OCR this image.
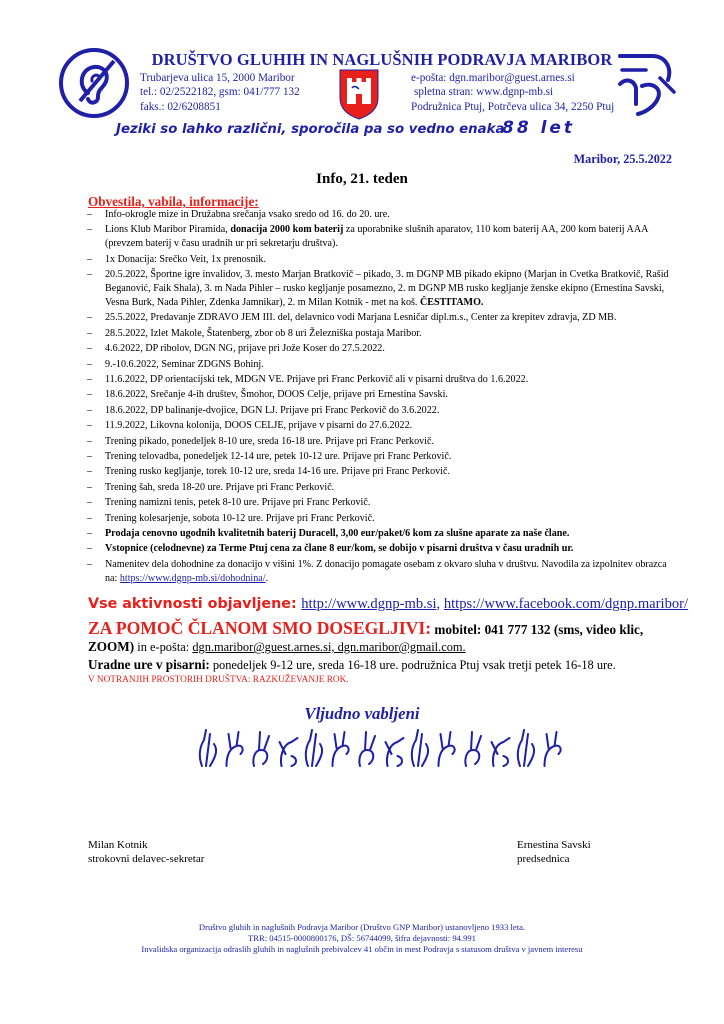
DRUŠTVO GLUHIH IN NAGLUŠNIH PODRAVJA MARIBOR
Trubarjeva ulica 15, 2000 Maribor
tel.: 02/2522182, gsm: 041/777 132
faks.: 02/6208851
e-pošta: dgn.maribor@guest.arnes.si
spletna stran: www.dgnp-mb.si
Podružnica Ptuj, Potrčeva ulica 34, 2250 Ptuj
Jeziki so lahko različni, sporočila pa so vedno enaka
88 let
Maribor, 25.5.2022
Info, 21. teden
Obvestila, vabila, informacije:
– Info-okrogle mize in Družabna srečanja vsako sredo od 16. do 20. ure.
– Lions Klub Maribor Piramida, donacija 2000 kom baterij za uporabnike slušnih aparatov, 110 kom baterij AA, 200 kom baterij AAA (prevzem baterij v času uradnih ur pri sekretarju društva).
– 1x Donacija: Srečko Veit, 1x prenosnik.
– 20.5.2022, Športne igre invalidov, 3. mesto Marjan Bratkovič – pikado, 3. m DGNP MB pikado ekipno (Marjan in Cvetka Bratkovič, Rašid Beganović, Faik Shala), 3. m Nada Pihler – rusko kegljanje posamezno, 2. m DGNP MB rusko kegljanje ženske ekipno (Ernestina Savski, Vesna Burk, Nada Pihler, Zdenka Jamnikar), 2. m Milan Kotnik - met na koš. ČESTITAMO.
– 25.5.2022, Predavanje ZDRAVO JEM III. del, delavnico vodi Marjana Lesničar dipl.m.s., Center za krepitev zdravja, ZD MB.
– 28.5.2022, Izlet Makole, Štatenberg, zbor ob 8 uri Železniška postaja Maribor.
– 4.6.2022, DP ribolov, DGN NG, prijave pri Jože Koser do 27.5.2022.
– 9.-10.6.2022, Seminar ZDGNS Bohinj.
– 11.6.2022, DP orientacijski tek, MDGN VE. Prijave pri Franc Perkovič ali v pisarni društva do 1.6.2022.
– 18.6.2022, Srečanje 4-ih društev, Šmohor, DOOS Celje, prijave pri Ernestina Savski.
– 18.6.2022, DP balinanje-dvojice, DGN LJ. Prijave pri Franc Perkovič do 3.6.2022.
– 11.9.2022, Likovna kolonija, DOOS CELJE, prijave v pisarni do 27.6.2022.
– Trening pikado, ponedeljek 8-10 ure, sreda 16-18 ure. Prijave pri Franc Perkovič.
– Trening telovadba, ponedeljek 12-14 ure, petek 10-12 ure. Prijave pri Franc Perkovič.
– Trening rusko kegljanje, torek 10-12 ure, sreda 14-16 ure. Prijave pri Franc Perkovič.
– Trening šah, sreda 18-20 ure. Prijave pri Franc Perkovič.
– Trening namizni tenis, petek 8-10 ure. Prijave pri Franc Perkovič.
– Trening kolesarjenje, sobota 10-12 ure. Prijave pri Franc Perkovič.
– Prodaja cenovno ugodnih kvalitetnih baterij Duracell, 3,00 eur/paket/6 kom za slušne aparate za naše člane.
– Vstopnice (celodnevne) za Terme Ptuj cena za člane 8 eur/kom, se dobijo v pisarni društva v času uradnih ur.
– Namenitev dela dohodnine za donacijo v višini 1%. Z donacijo pomagate osebam z okvaro sluha v društvu. Navodila za izpolnitev obrazca na: https://www.dgnp-mb.si/dohodnina/.
Vse aktivnosti objavljene: http://www.dgnp-mb.si, https://www.facebook.com/dgnp.maribor/
ZA POMOČ ČLANOM SMO DOSEGLJIVI: mobitel: 041 777 132 (sms, video klic,
ZOOM) in e-pošta: dgn.maribor@guest.arnes.si, dgn.maribor@gmail.com.
Uradne ure v pisarni: ponedeljek 9-12 ure, sreda 16-18 ure. podružnica Ptuj vsak tretji petek 16-18 ure.
V NOTRANJIH PROSTORIH DRUŠTVA: RAZKUŽEVANJE ROK.
Vljudno vabljeni
Milan Kotnik
strokovni delavec-sekretar
Ernestina Savski
predsednica
Društvo gluhih in naglušnih Podravja Maribor (Društvo GNP Maribor) ustanovljeno 1933 leta.
TRR: 04515-0000800176, DŠ: 56744099, šifra dejavnosti: 94.991
Invalidska organizacija odraslih gluhih in naglušnih prebivalcev 41 občin in mest Podravja s statusom društva v javnem interesu
